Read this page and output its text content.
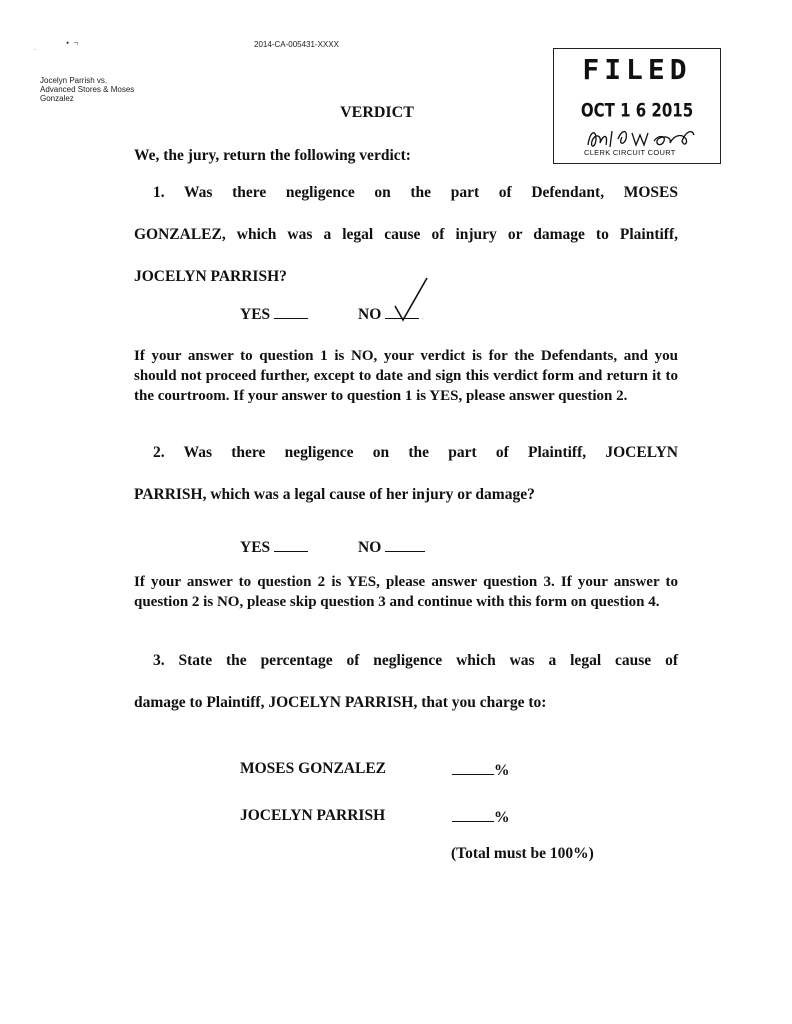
.	• ¬	2014-CA-005431-XXXX
Jocelyn Parrish vs.
Advanced Stores & Moses
Gonzalez
VERDICT
FILED
OCT 1 6 2015
CLERK CIRCUIT COURT
We, the jury, return the following verdict:
1. Was there negligence on the part of Defendant, MOSES
GONZALEZ, which was a legal cause of injury or damage to Plaintiff,
JOCELYN PARRISH?
YES	NO
If your answer to question 1 is NO, your verdict is for the Defendants, and you should not proceed further, except to date and sign this verdict form and return it to the courtroom. If your answer to question 1 is YES, please answer question 2.
2. Was there negligence on the part of Plaintiff, JOCELYN
PARRISH, which was a legal cause of her injury or damage?
YES	NO
If your answer to question 2 is YES, please answer question 3. If your answer to question 2 is NO, please skip question 3 and continue with this form on question 4.
3. State the percentage of negligence which was a legal cause of
damage to Plaintiff, JOCELYN PARRISH, that you charge to:
MOSES GONZALEZ	%
JOCELYN PARRISH	%
(Total must be 100%)
